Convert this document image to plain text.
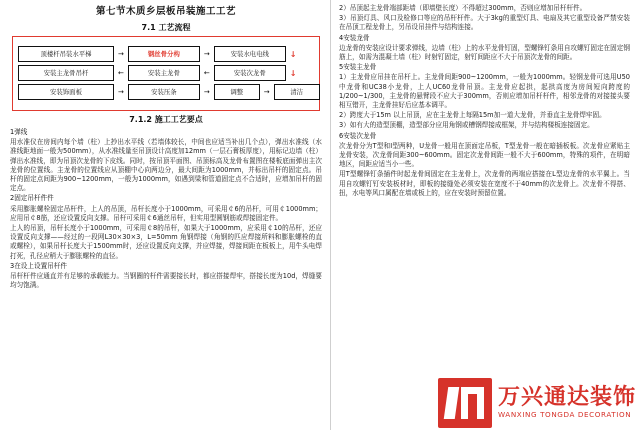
第七节木质乡层板吊装施工工艺
7.1 工艺流程
顶楼杆吊装水平梯	→	钢丝骨分构	→	安装水电电线	↓
安装主龙骨吊杆	←	安装主龙骨	←	安装次龙骨	↓
安装饰面板	→	安装压条	→	调整	→	清洁
7.1.2 施工工艺要点

1弹线

用水准仪在房间内每个墙（柱）上抄出水平线（若墙体较长，中间也应适当补出几个点），弹出水准线（水准线距地面一般为500mm），从水准线量至吊顶设计高度加12mm（一层石膏板厚度），用标记边墙（柱）弹出水准线，即为吊顶次龙骨的下皮线。同时，按吊顶平面图、吊顶标高及龙骨布置图在楼板底面弹出主次龙骨的位置线。主龙骨的位置线应从顶棚中心向两边分，最大间距为1000mm，并标出吊杆的固定点。吊杆的固定点间距为900~1200mm，一般为1000mm，如遇到梁和管道固定点不合适时，应增加吊杆的固定点。

2固定吊杆件件

采用膨胀螺栓固定吊杆件，上人的吊顶，吊杆长度小于1000mm，可采用￠6的吊杆，可用￠1000mm；应用吊￠8筋，还应设置反向支撑。吊杆可采用￠6通丝吊杆，但实用型圆钢筋或焊接固定件。

上人的吊顶，吊杆长度小于1000mm，可采用￠8的吊杆，如果大于1000mm，应采用￠10的吊杆，还应设置反向支撑——经过的一段网L30×30×3，L=50mm 角钢焊接（角钢的匹应焊接所料和膨胀螺栓的直或螺栓），如果吊杆长度大于1500mm时，还应设置反向支撑，并应焊接，焊接间距在板板上，用牛头电焊打死，孔径应稍大于膨胀螺栓的直径。

3在设上设置吊杆件

吊杆杆件应通直并有足够的承载能力。当钢圈的杆件需要接长时，都应搭接焊牢，搭接长度为10d，焊缝要均匀饱满。

2）吊顶起主龙骨端部距墙（即墙壁长度）不得超过300mm，否则应增加吊杆杆件。

3）吊顶灯具、风口及检修口等应的吊杆杆件。大于3kg的重型灯具、电扇及其它重型设备严禁安装在吊顶工程龙骨上，另吊设吊挂件与结构连接。

4安装龙骨

边龙骨的安装应设计要求弹线，边墙（柱）上的水平龙骨钉固，型螺锋钉条用自攻螺钉固定在固定钢筋上，如需为混凝土墙（柱）时射钉固定，射钉间距应不大于吊顶次龙骨的间距。

5安装主龙骨

1）主龙骨应吊挂在吊杆上。主龙骨间距900~1200mm，一般为1000mm。轻钢龙骨可选用U50中龙骨和UC38小龙骨，上人UC60龙骨吊顶。主龙骨应起拱，起拱高度为房间短向跨度的1/200~1/300，主龙骨的悬臂段不应大于300mm，否则应增加吊杆杆件，相邻龙骨的对接接头要相互错开，主龙骨挂好后应基本调平。

2）跨度大于15m 以上吊顶，应在主龙骨上每隔15m加一道大龙骨，并垂直主龙骨焊牢固。

3）如有大的造型顶棚，造型部分应用角钢或槽钢焊接成框架，并与结构楼板连接固定。

6安装次龙骨

次龙骨分为T型和I型两种，U龙骨一般用在顶面定吊板，T型龙骨一般在暗插板板。次龙骨应紧贴主龙骨安装，次龙骨间距300~600mm。固定次龙骨间距一般不大于600mm，特殊的项件，在明暗地区，间距应适当小一些。

用T型螺锋钉条插件时起龙骨间固定在主龙骨上，次龙骨的两端应搭接在L型边龙骨的水平翼上。当用自攻螺钉钉安装板材时，即板的接缝处必须安装在宽度不于40mm的次龙骨上。次龙骨不得搭、扭，水电等风口属配在墙或板上的，应在安装时预留位置。

万兴通达装饰
WANXING TONGDA DECORATION
